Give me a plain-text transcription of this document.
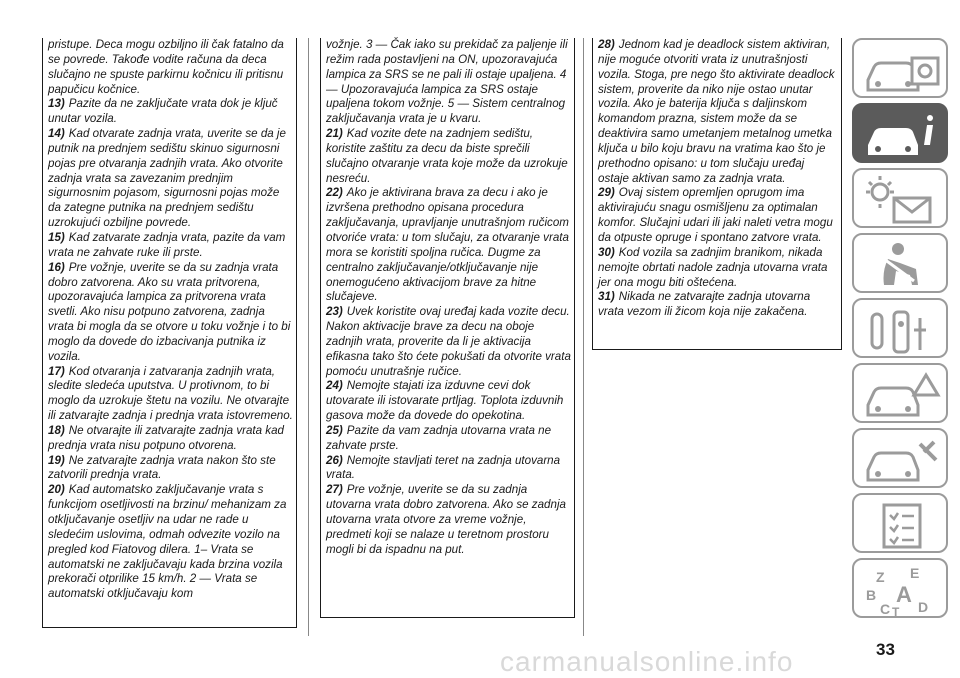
pristupe. Deca mogu ozbiljno ili čak fatalno da se povrede. Takođe vodite računa da deca slučajno ne spuste parkirnu kočnicu ili pritisnu papučicu kočnice.

13) Pazite da ne zaključate vrata dok je ključ unutar vozila.

14) Kad otvarate zadnja vrata, uverite se da je putnik na prednjem sedištu skinuo sigurnosni pojas pre otvaranja zadnjih vrata. Ako otvorite zadnja vrata sa zavezanim prednjim sigurnosnim pojasom, sigurnosni pojas može da zategne putnika na prednjem sedištu uzrokujući ozbiljne povrede.

15) Kad zatvarate zadnja vrata, pazite da vam vrata ne zahvate ruke ili prste.

16) Pre vožnje, uverite se da su zadnja vrata dobro zatvorena. Ako su vrata pritvorena, upozoravajuća lampica za pritvorena vrata svetli. Ako nisu potpuno zatvorena, zadnja vrata bi mogla da se otvore u toku vožnje i to bi moglo da dovede do izbacivanja putnika iz vozila.

17) Kod otvaranja i zatvaranja zadnjih vrata, sledite sledeća uputstva. U protivnom, to bi moglo da uzrokuje štetu na vozilu. Ne otvarajte ili zatvarajte zadnja i prednja vrata istovremeno.

18) Ne otvarajte ili zatvarajte zadnja vrata kad prednja vrata nisu potpuno otvorena.

19) Ne zatvarajte zadnja vrata nakon što ste zatvorili prednja vrata.

20) Kad automatsko zaključavanje vrata s funkcijom osetljivosti na brzinu/ mehanizam za otključavanje osetljiv na udar ne rade u sledećim uslovima, odmah odvezite vozilo na pregled kod Fiatovog dilera. 1– Vrata se automatski ne zaključavaju kada brzina vozila prekorači otprilike 15 km/h. 2 — Vrata se automatski otključavaju kom

vožnje. 3 — Čak iako su prekidač za paljenje ili režim rada postavljeni na ON, upozoravajuća lampica za SRS se ne pali ili ostaje upaljena. 4 — Upozoravajuća lampica za SRS ostaje upaljena tokom vožnje. 5 — Sistem centralnog zaključavanja vrata je u kvaru.

21) Kad vozite dete na zadnjem sedištu, koristite zaštitu za decu da biste sprečili slučajno otvaranje vrata koje može da uzrokuje nesreću.

22) Ako je aktivirana brava za decu i ako je izvršena prethodno opisana procedura zaključavanja, upravljanje unutrašnjom ručicom otvoriće vrata: u tom slučaju, za otvaranje vrata mora se koristiti spoljna ručica. Dugme za centralno zaključavanje/otključavanje nije onemogućeno aktivacijom brave za hitne slučajeve.

23) Uvek koristite ovaj uređaj kada vozite decu. Nakon aktivacije brave za decu na oboje zadnjih vrata, proverite da li je aktivacija efikasna tako što ćete pokušati da otvorite vrata pomoću unutrašnje ručice.

24) Nemojte stajati iza izduvne cevi dok utovarate ili istovarate prtljag. Toplota izduvnih gasova može da dovede do opekotina.

25) Pazite da vam zadnja utovarna vrata ne zahvate prste.

26) Nemojte stavljati teret na zadnja utovarna vrata.

27) Pre vožnje, uverite se da su zadnja utovarna vrata dobro zatvorena. Ako se zadnja utovarna vrata otvore za vreme vožnje, predmeti koji se nalaze u teretnom prostoru mogli bi da ispadnu na put.

28) Jednom kad je deadlock sistem aktiviran, nije moguće otvoriti vrata iz unutrašnjosti vozila. Stoga, pre nego što aktivirate deadlock sistem, proverite da niko nije ostao unutar vozila. Ako je baterija ključa s daljinskom komandom prazna, sistem može da se deaktivira samo umetanjem metalnog umetka ključa u bilo koju bravu na vratima kao što je prethodno opisano: u tom slučaju uređaj ostaje aktivan samo za zadnja vrata.

29) Ovaj sistem opremljen oprugom ima aktivirajuću snagu osmišljenu za optimalan komfor. Slučajni udari ili jaki naleti vetra mogu da otpuste opruge i spontano zatvore vrata.

30) Kod vozila sa zadnjim branikom, nikada nemojte obrtati nadole zadnja utovarna vrata jer ona mogu biti oštećena.

31) Nikada ne zatvarajte zadnja utovarna vrata vezom ili žicom koja nije zakačena.

Z E
B A
C D
T
carmanualsonline.info	33
